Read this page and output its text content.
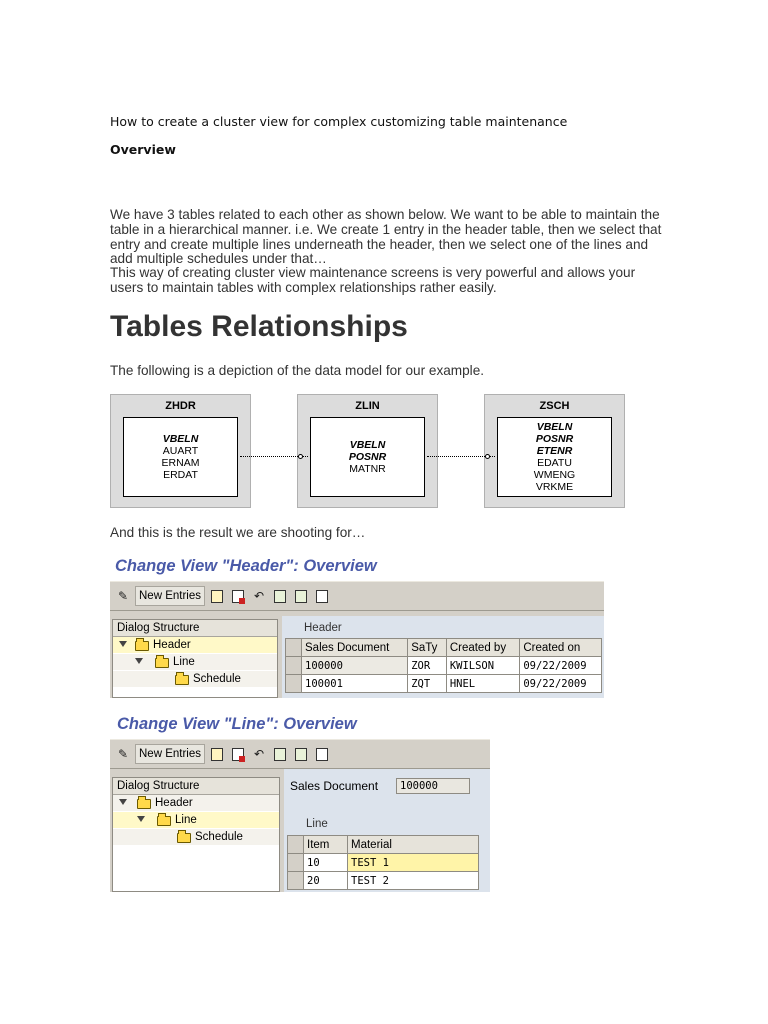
How to create a cluster view for complex customizing table maintenance
Overview
We have 3 tables related to each other as shown below. We want to be able to maintain the table in a hierarchical manner. i.e. We create 1 entry in the header table, then we select that entry and create multiple lines underneath the header, then we select one of the lines and add multiple schedules under that…
This way of creating cluster view maintenance screens is very powerful and allows your users to maintain tables with complex relationships rather easily.
Tables Relationships
The following is a depiction of the data model for our example.
ZHDR
VBELN
AUART
ERNAM
ERDAT
ZLIN
VBELN
POSNR
MATNR
ZSCH
VBELN
POSNR
ETENR
EDATU
WMENG
VRKME
And this is the result we are shooting for…
Change View "Header": Overview
✎ New Entries	↶
Dialog Structure
Header
Line
Schedule
Header
	Sales Document	SaTy	Created by	Created on
	100000	ZOR	KWILSON	09/22/2009
	100001	ZQT	HNEL	09/22/2009
Change View "Line": Overview
✎ New Entries	↶
Dialog Structure
Header
Line
Schedule
Sales Document	100000
Line
	Item	Material
	10	TEST 1
	20	TEST 2
